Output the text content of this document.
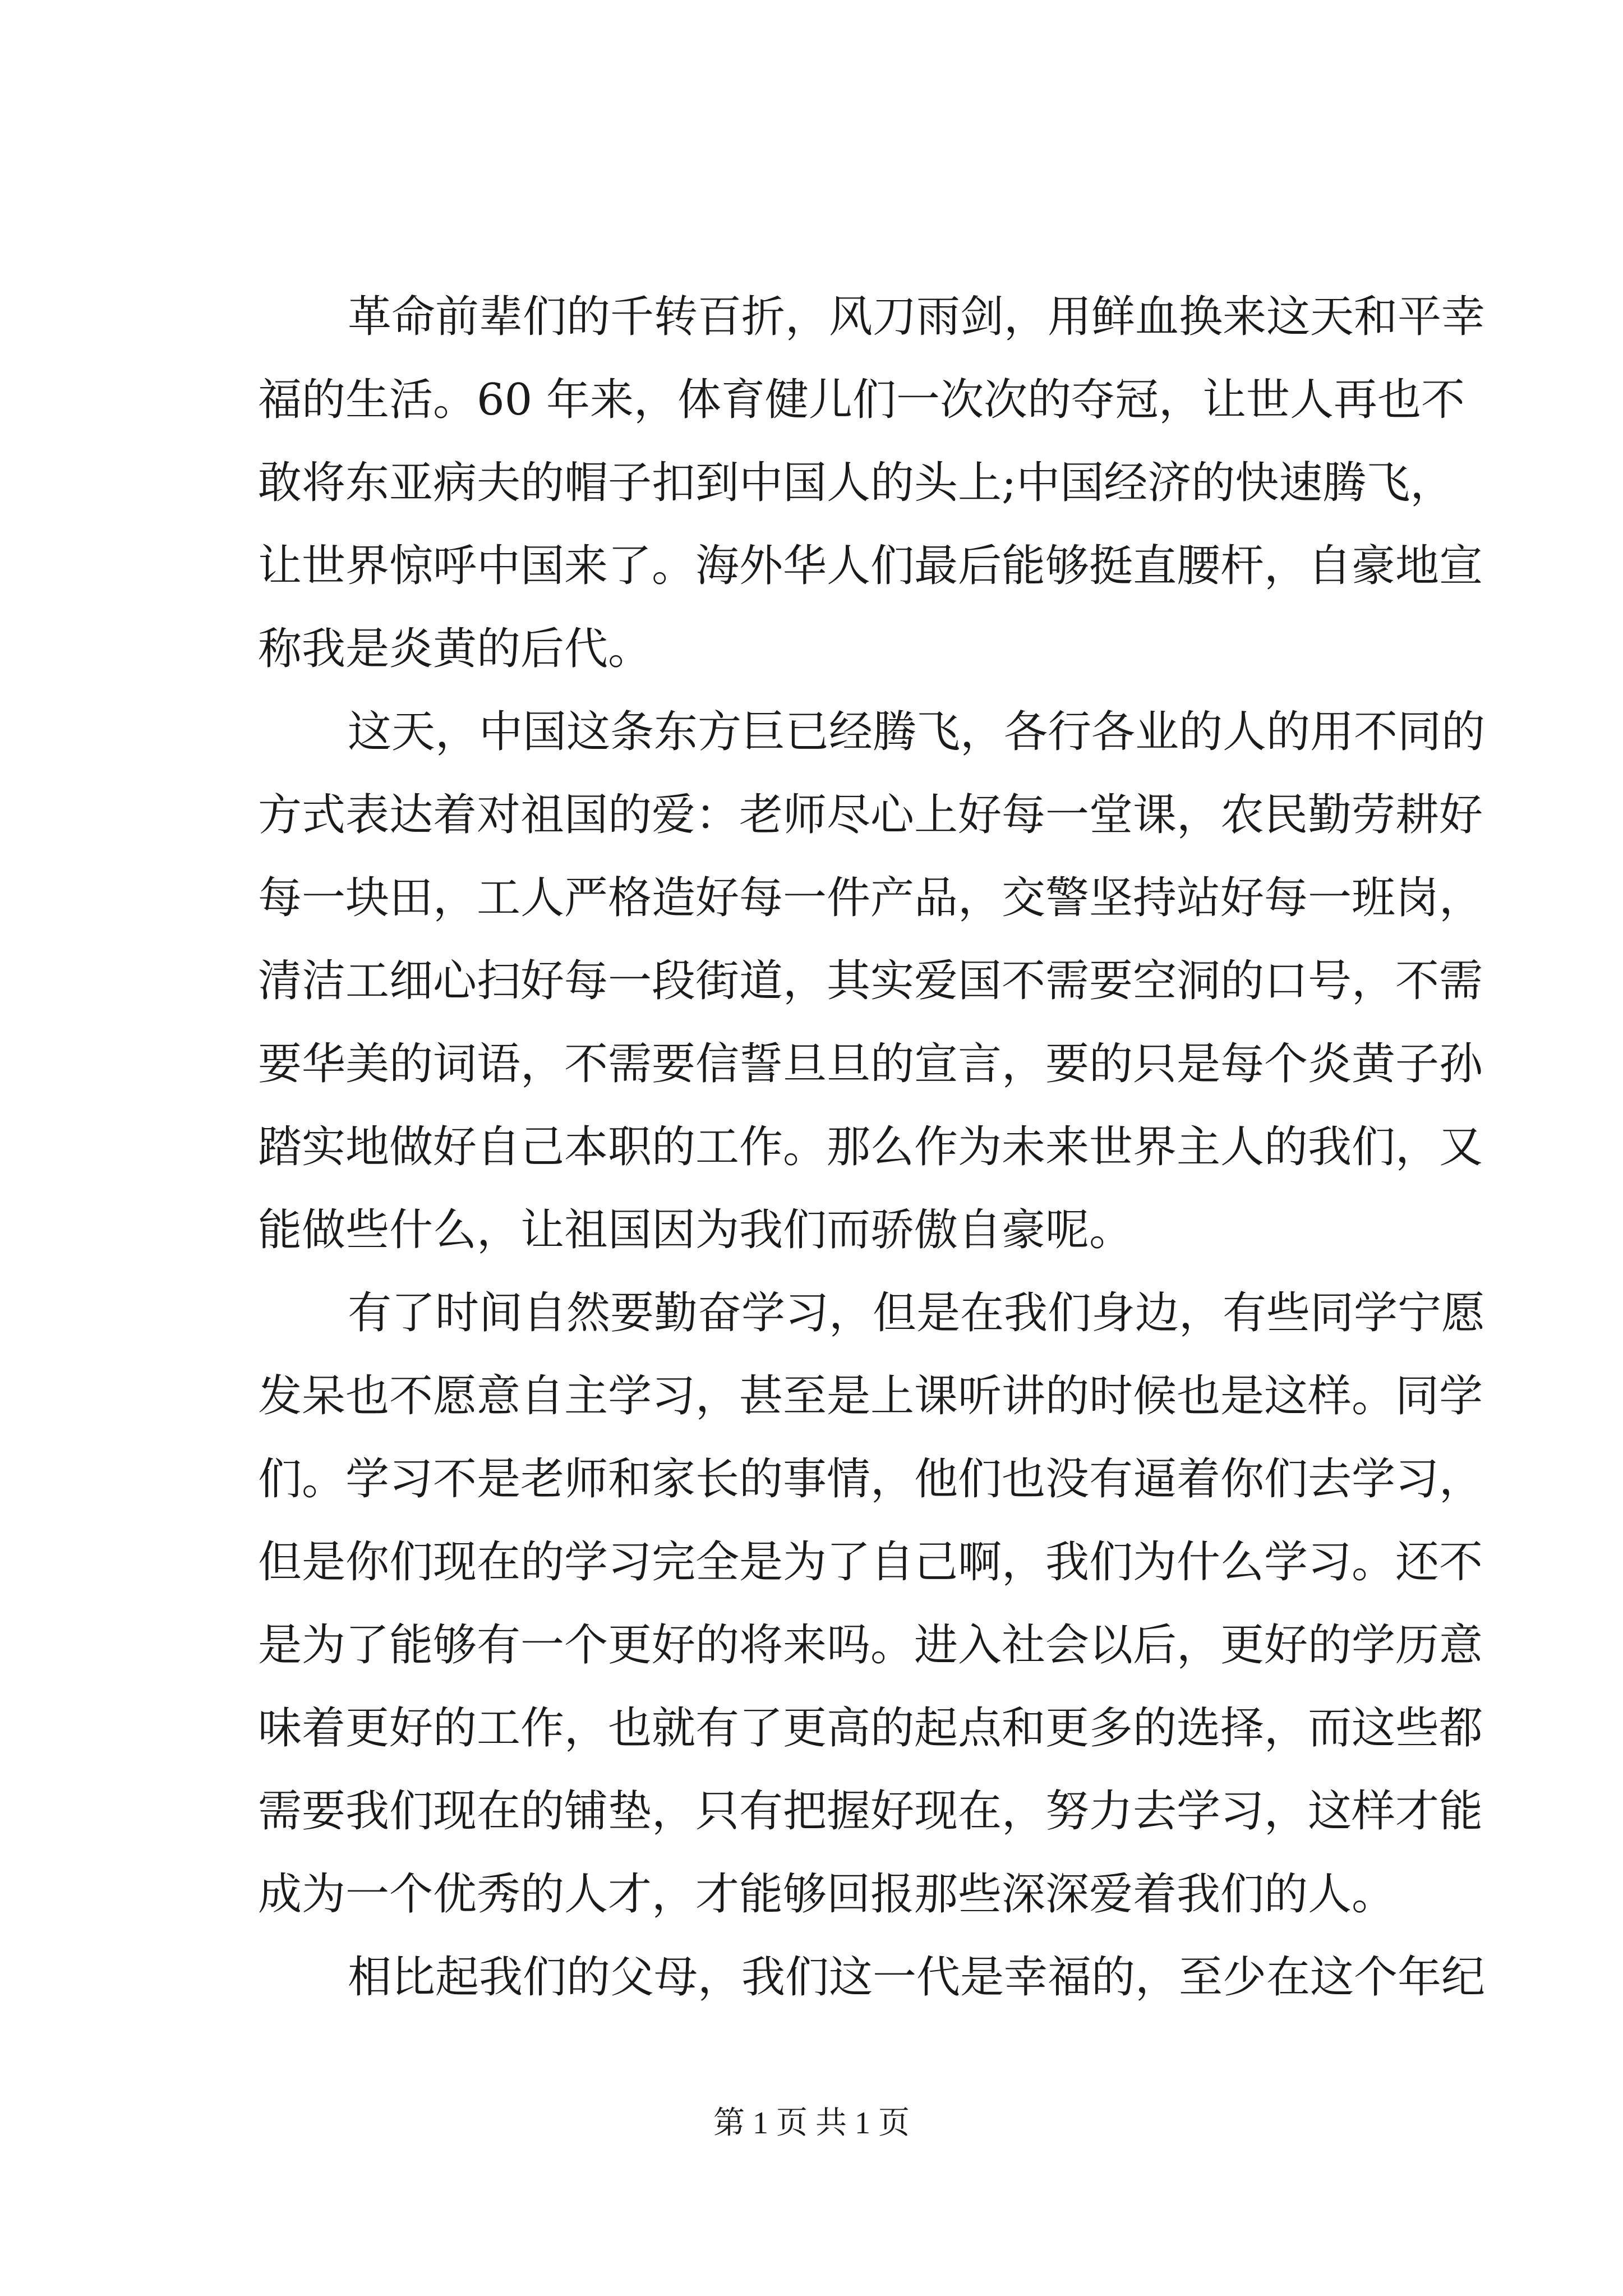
革命前辈们的千转百折，风刀雨剑，用鲜血换来这天和平幸
福的生活。60 年来，体育健儿们一次次的夺冠，让世人再也不
敢将东亚病夫的帽子扣到中国人的头上;中国经济的快速腾飞，
让世界惊呼中国来了。海外华人们最后能够挺直腰杆，自豪地宣
称我是炎黄的后代。
这天，中国这条东方巨已经腾飞，各行各业的人的用不同的
方式表达着对祖国的爱：老师尽心上好每一堂课，农民勤劳耕好
每一块田，工人严格造好每一件产品，交警坚持站好每一班岗，
清洁工细心扫好每一段街道，其实爱国不需要空洞的口号，不需
要华美的词语，不需要信誓旦旦的宣言，要的只是每个炎黄子孙
踏实地做好自己本职的工作。那么作为未来世界主人的我们，又
能做些什么，让祖国因为我们而骄傲自豪呢。
有了时间自然要勤奋学习，但是在我们身边，有些同学宁愿
发呆也不愿意自主学习，甚至是上课听讲的时候也是这样。同学
们。学习不是老师和家长的事情，他们也没有逼着你们去学习，
但是你们现在的学习完全是为了自己啊，我们为什么学习。还不
是为了能够有一个更好的将来吗。进入社会以后，更好的学历意
味着更好的工作，也就有了更高的起点和更多的选择，而这些都
需要我们现在的铺垫，只有把握好现在，努力去学习，这样才能
成为一个优秀的人才，才能够回报那些深深爱着我们的人。
相比起我们的父母，我们这一代是幸福的，至少在这个年纪
第 1 页 共 1 页
